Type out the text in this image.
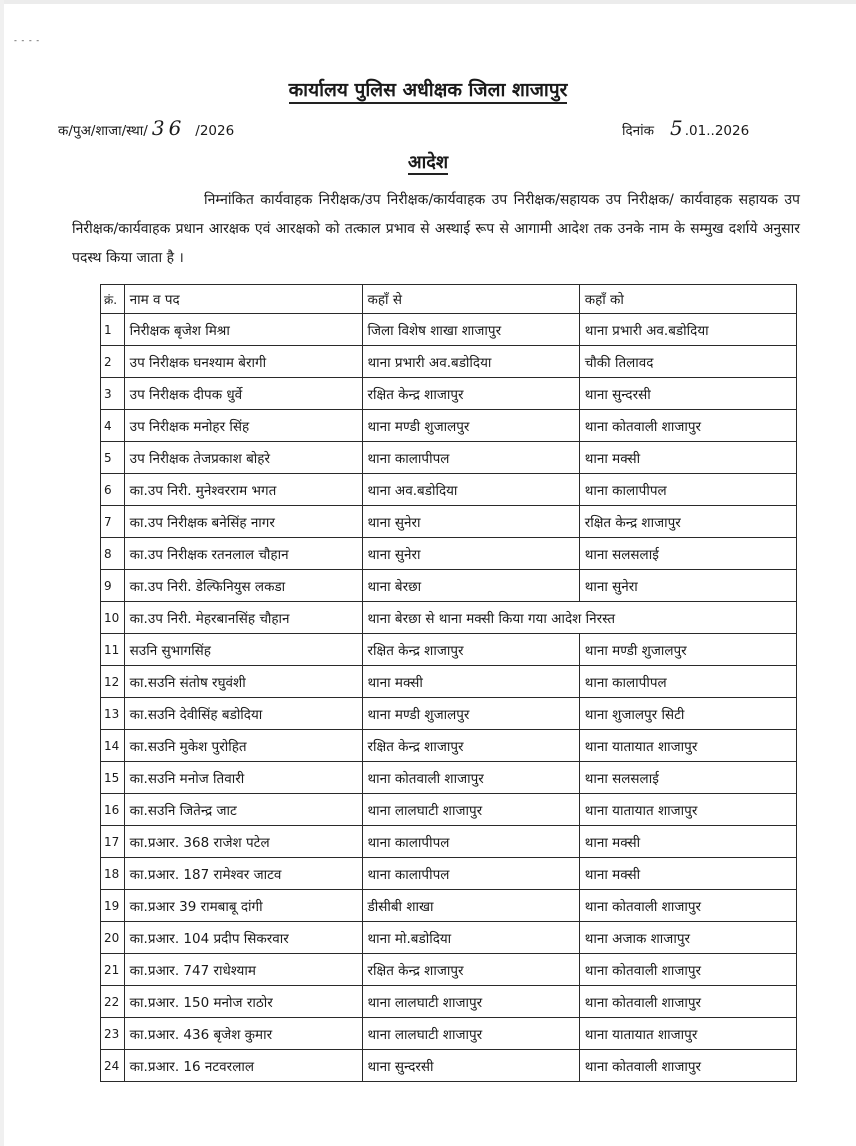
- - - -
कार्यालय पुलिस अधीक्षक जिला शाजापुर
क/पुअ/शाजा/स्था/ 36 /2026	दिनांक 5 .01..2026
आदेश
निम्नांकित कार्यवाहक निरीक्षक/उप निरीक्षक/कार्यवाहक उप निरीक्षक/सहायक उप निरीक्षक/ कार्यवाहक सहायक उप निरीक्षक/कार्यवाहक प्रधान आरक्षक एवं आरक्षको को तत्काल प्रभाव से अस्थाई रूप से आगामी आदेश तक उनके नाम के सम्मुख दर्शाये अनुसार पदस्थ किया जाता है ।
क्रं.	नाम व पद	कहाँ से	कहाँ को
1	निरीक्षक बृजेश मिश्रा	जिला विशेष शाखा शाजापुर	थाना प्रभारी अव.बडोदिया
2	उप निरीक्षक घनश्याम बेरागी	थाना प्रभारी अव.बडोदिया	चौकी तिलावद
3	उप निरीक्षक दीपक धुर्वे	रक्षित केन्द्र शाजापुर	थाना सुन्दरसी
4	उप निरीक्षक मनोहर सिंह	थाना मण्डी शुजालपुर	थाना कोतवाली शाजापुर
5	उप निरीक्षक तेजप्रकाश बोहरे	थाना कालापीपल	थाना मक्सी
6	का.उप निरी. मुनेश्वरराम भगत	थाना अव.बडोदिया	थाना कालापीपल
7	का.उप निरीक्षक बनेसिंह नागर	थाना सुनेरा	रक्षित केन्द्र शाजापुर
8	का.उप निरीक्षक रतनलाल चौहान	थाना सुनेरा	थाना सलसलाई
9	का.उप निरी. डेल्फिनियुस लकडा	थाना बेरछा	थाना सुनेरा
10	का.उप निरी. मेहरबानसिंह चौहान	थाना बेरछा से थाना मक्सी किया गया आदेश निरस्त	
11	सउनि सुभागसिंह	रक्षित केन्द्र शाजापुर	थाना मण्डी शुजालपुर
12	का.सउनि संतोष रघुवंशी	थाना मक्सी	थाना कालापीपल
13	का.सउनि देवीसिंह बडोदिया	थाना मण्डी शुजालपुर	थाना शुजालपुर सिटी
14	का.सउनि मुकेश पुरोहित	रक्षित केन्द्र शाजापुर	थाना यातायात शाजापुर
15	का.सउनि मनोज तिवारी	थाना कोतवाली शाजापुर	थाना सलसलाई
16	का.सउनि जितेन्द्र जाट	थाना लालघाटी शाजापुर	थाना यातायात शाजापुर
17	का.प्रआर. 368 राजेश पटेल	थाना कालापीपल	थाना मक्सी
18	का.प्रआर. 187 रामेश्वर जाटव	थाना कालापीपल	थाना मक्सी
19	का.प्रआर 39 रामबाबू दांगी	डीसीबी शाखा	थाना कोतवाली शाजापुर
20	का.प्रआर. 104 प्रदीप सिकरवार	थाना मो.बडोदिया	थाना अजाक शाजापुर
21	का.प्रआर. 747 राधेश्याम	रक्षित केन्द्र शाजापुर	थाना कोतवाली शाजापुर
22	का.प्रआर. 150 मनोज राठोर	थाना लालघाटी शाजापुर	थाना कोतवाली शाजापुर
23	का.प्रआर. 436 बृजेश कुमार	थाना लालघाटी शाजापुर	थाना यातायात शाजापुर
24	का.प्रआर. 16 नटवरलाल	थाना सुन्दरसी	थाना कोतवाली शाजापुर
